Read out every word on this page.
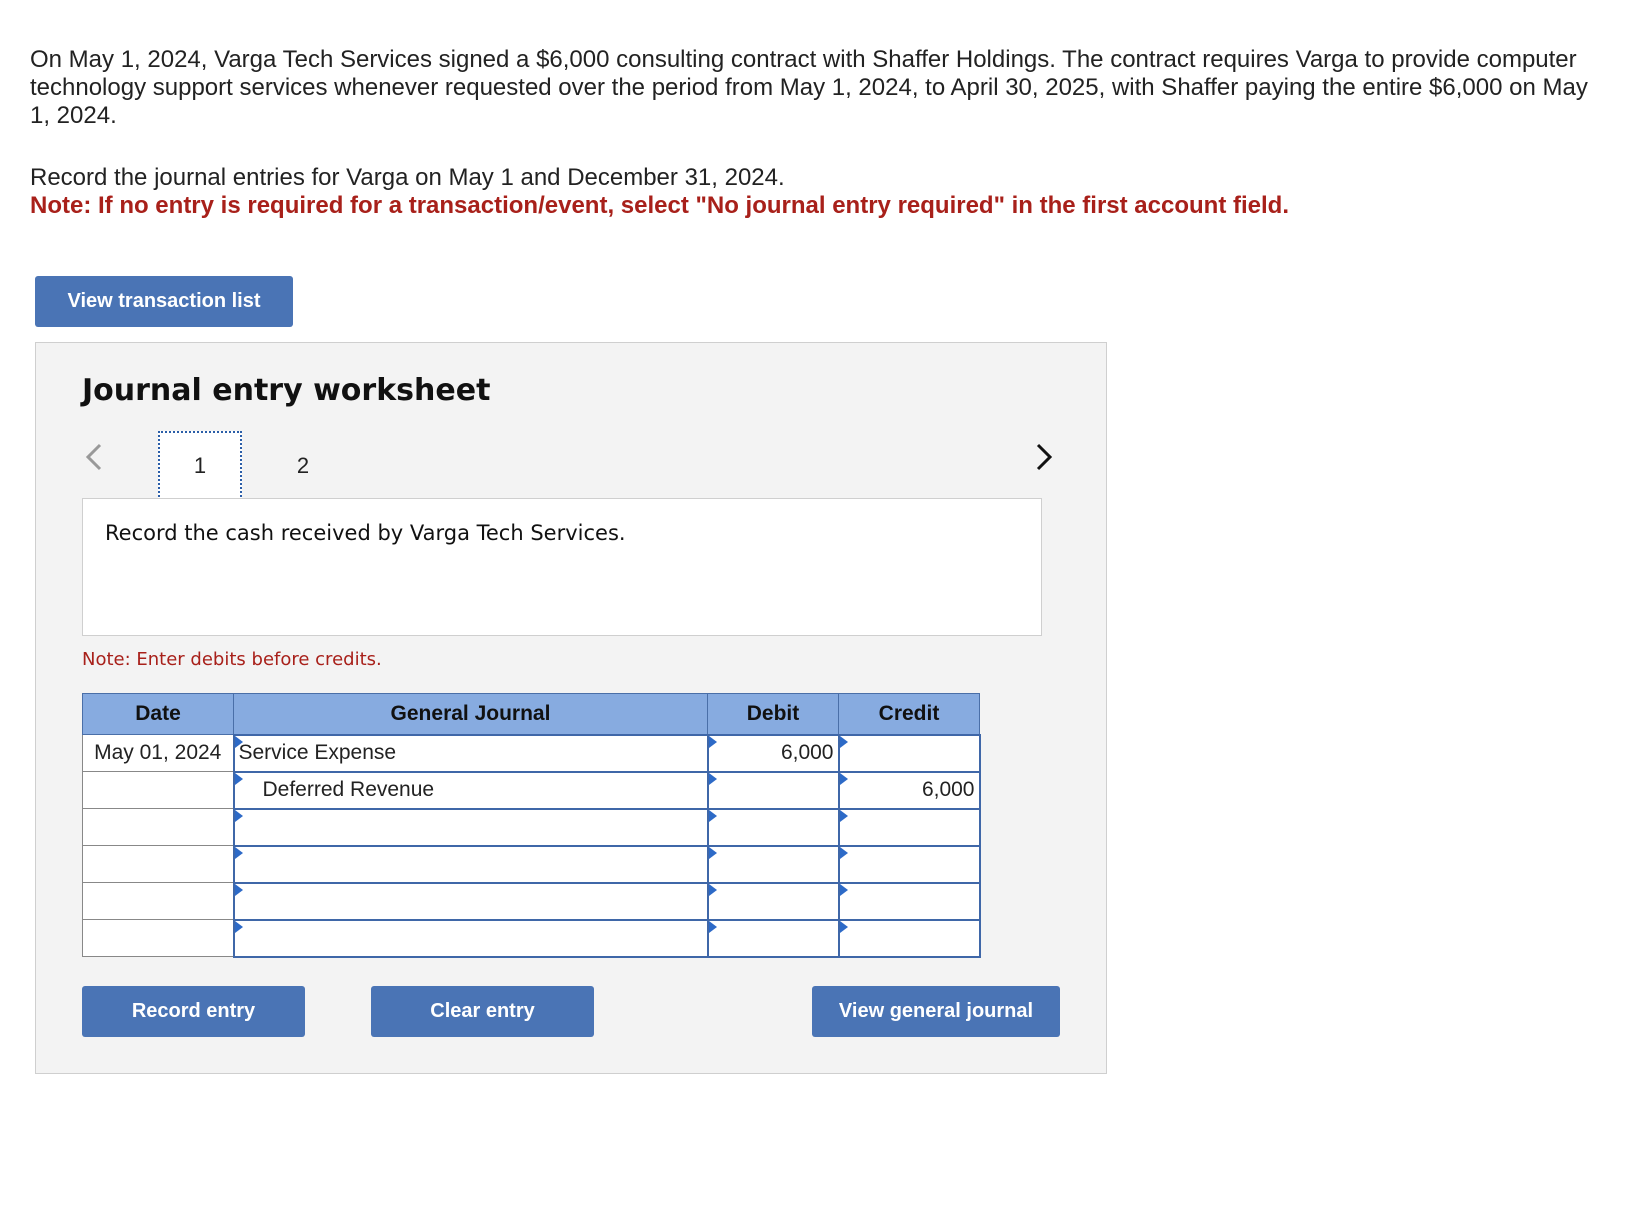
On May 1, 2024, Varga Tech Services signed a $6,000 consulting contract with Shaffer Holdings. The contract requires Varga to provide computer technology support services whenever requested over the period from May 1, 2024, to April 30, 2025, with Shaffer paying the entire $6,000 on May 1, 2024.
Record the journal entries for Varga on May 1 and December 31, 2024.
Note: If no entry is required for a transaction/event, select "No journal entry required" in the first account field.
View transaction list
Journal entry worksheet
1	2
Record the cash received by Varga Tech Services.
Note: Enter debits before credits.
Date	General Journal	Debit	Credit
May 01, 2024	Service Expense	6,000	
	Deferred Revenue		6,000

Record entry	Clear entry	View general journal
